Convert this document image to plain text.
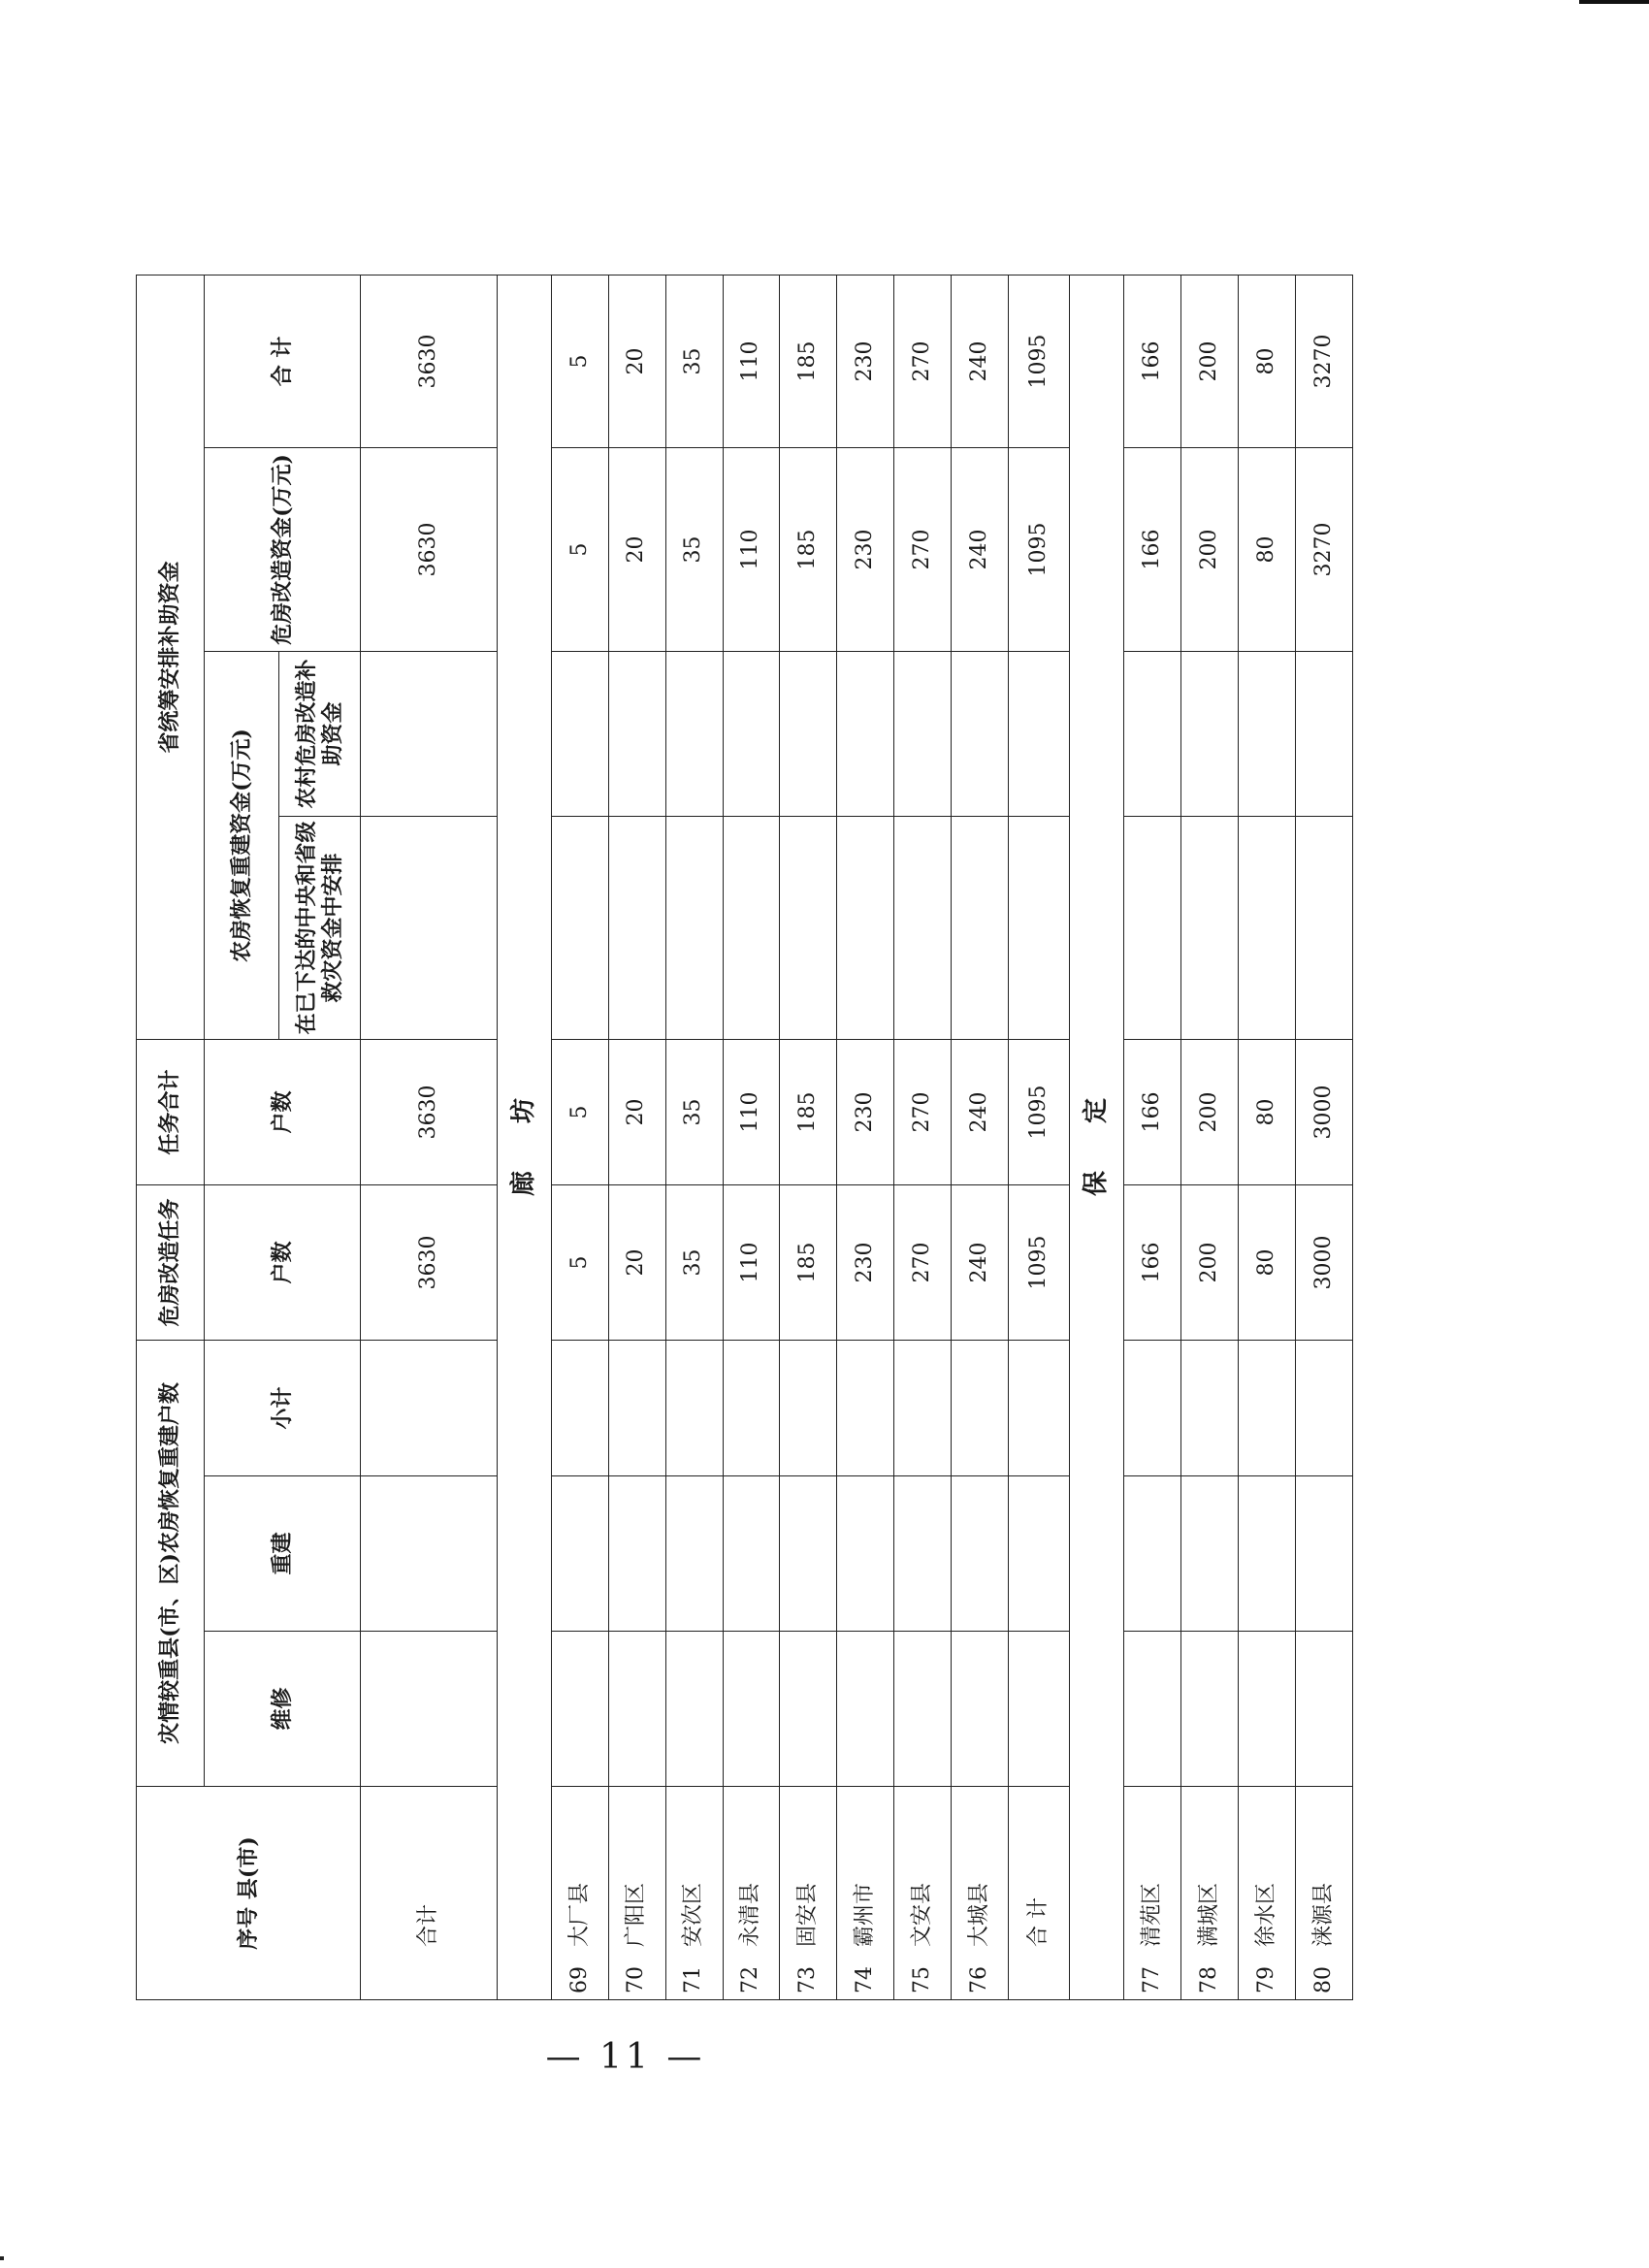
序号 县(市)	灾情较重县(市、区)农房恢复重建户数			危房改造任务	任务合计	省统筹安排补助资金			
	维修	重建	小计	户数	户数	农房恢复重建资金(万元)		危房改造资金(万元)	合 计
						在已下达的中央和省级救灾资金中安排	农村危房改造补助资金		
合计				3630	3630			3630	3630
廊 坊									
69大厂县				5	5			5	5
70广阳区				20	20			20	20
71安次区				35	35			35	35
72永清县				110	110			110	110
73固安县				185	185			185	185
74霸州市				230	230			230	230
75文安县				270	270			270	270
76大城县				240	240			240	240
合 计				1095	1095			1095	1095
保 定									
77清苑区				166	166			166	166
78满城区				200	200			200	200
79徐水区				80	80			80	80
80涞源县				3000	3000			3270	3270
— 11 —
